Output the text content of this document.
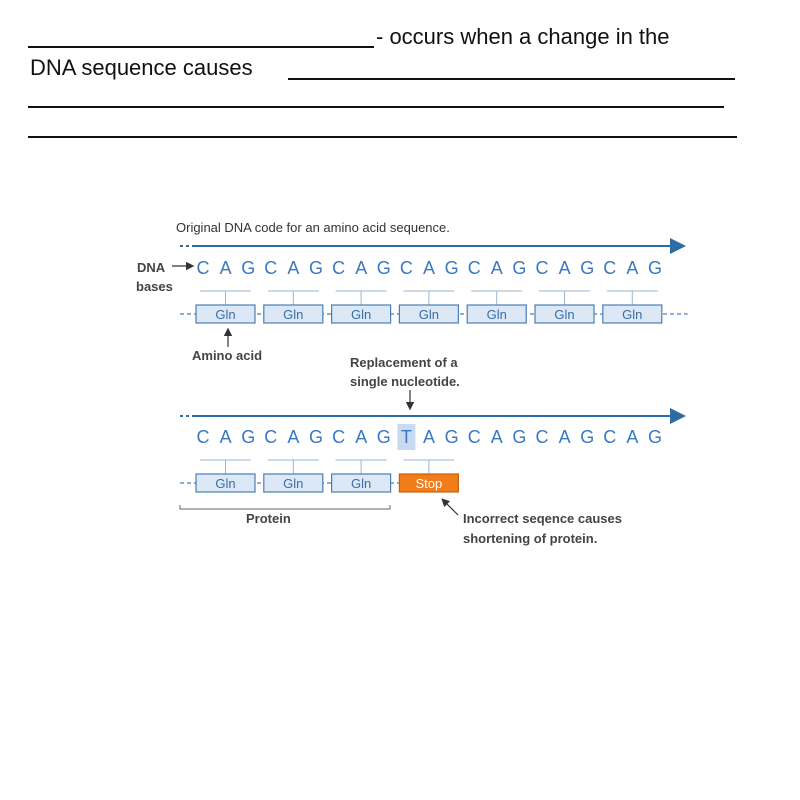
- occurs when a change in the
DNA sequence causes
Original DNA code for an amino acid sequence.
DNA
bases
Amino acid	Replacement of a
single nucleotide.
Protein	Incorrect seqence causes
shortening of protein.
C A G C A G C A G C A G C A G C A G C A G
Gln	Gln	Gln	Gln	Gln	Gln	Gln
C A G C A G C A G T A G C A G C A G C A G
Gln	Gln	Gln	Stop
